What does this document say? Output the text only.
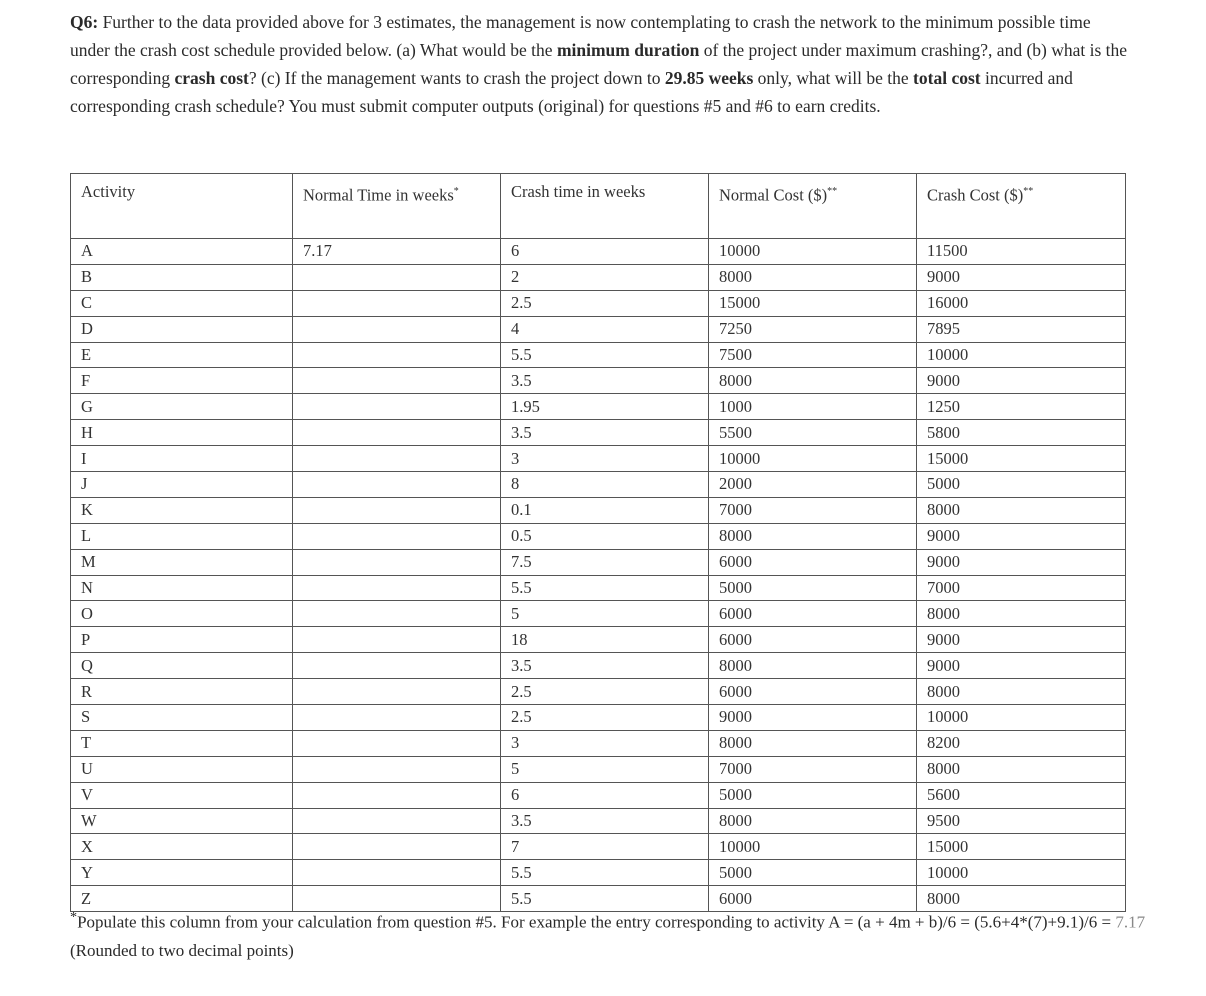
Q6: Further to the data provided above for 3 estimates, the management is now contemplating to crash the network to the minimum possible time under the crash cost schedule provided below. (a) What would be the minimum duration of the project under maximum crashing?, and (b) what is the corresponding crash cost? (c) If the management wants to crash the project down to 29.85 weeks only, what will be the total cost incurred and corresponding crash schedule? You must submit computer outputs (original) for questions #5 and #6 to earn credits.
Activity	Normal Time in weeks*	Crash time in weeks	Normal Cost ($)**	Crash Cost ($)**
A	7.17	6	10000	11500
B		2	8000	9000
C		2.5	15000	16000
D		4	7250	7895
E		5.5	7500	10000
F		3.5	8000	9000
G		1.95	1000	1250
H		3.5	5500	5800
I		3	10000	15000
J		8	2000	5000
K		0.1	7000	8000
L		0.5	8000	9000
M		7.5	6000	9000
N		5.5	5000	7000
O		5	6000	8000
P		18	6000	9000
Q		3.5	8000	9000
R		2.5	6000	8000
S		2.5	9000	10000
T		3	8000	8200
U		5	7000	8000
V		6	5000	5600
W		3.5	8000	9500
X		7	10000	15000
Y		5.5	5000	10000
Z		5.5	6000	8000
*Populate this column from your calculation from question #5. For example the entry corresponding to activity A = (a + 4m + b)/6 = (5.6+4*(7)+9.1)/6 = 7.17 (Rounded to two decimal points)
